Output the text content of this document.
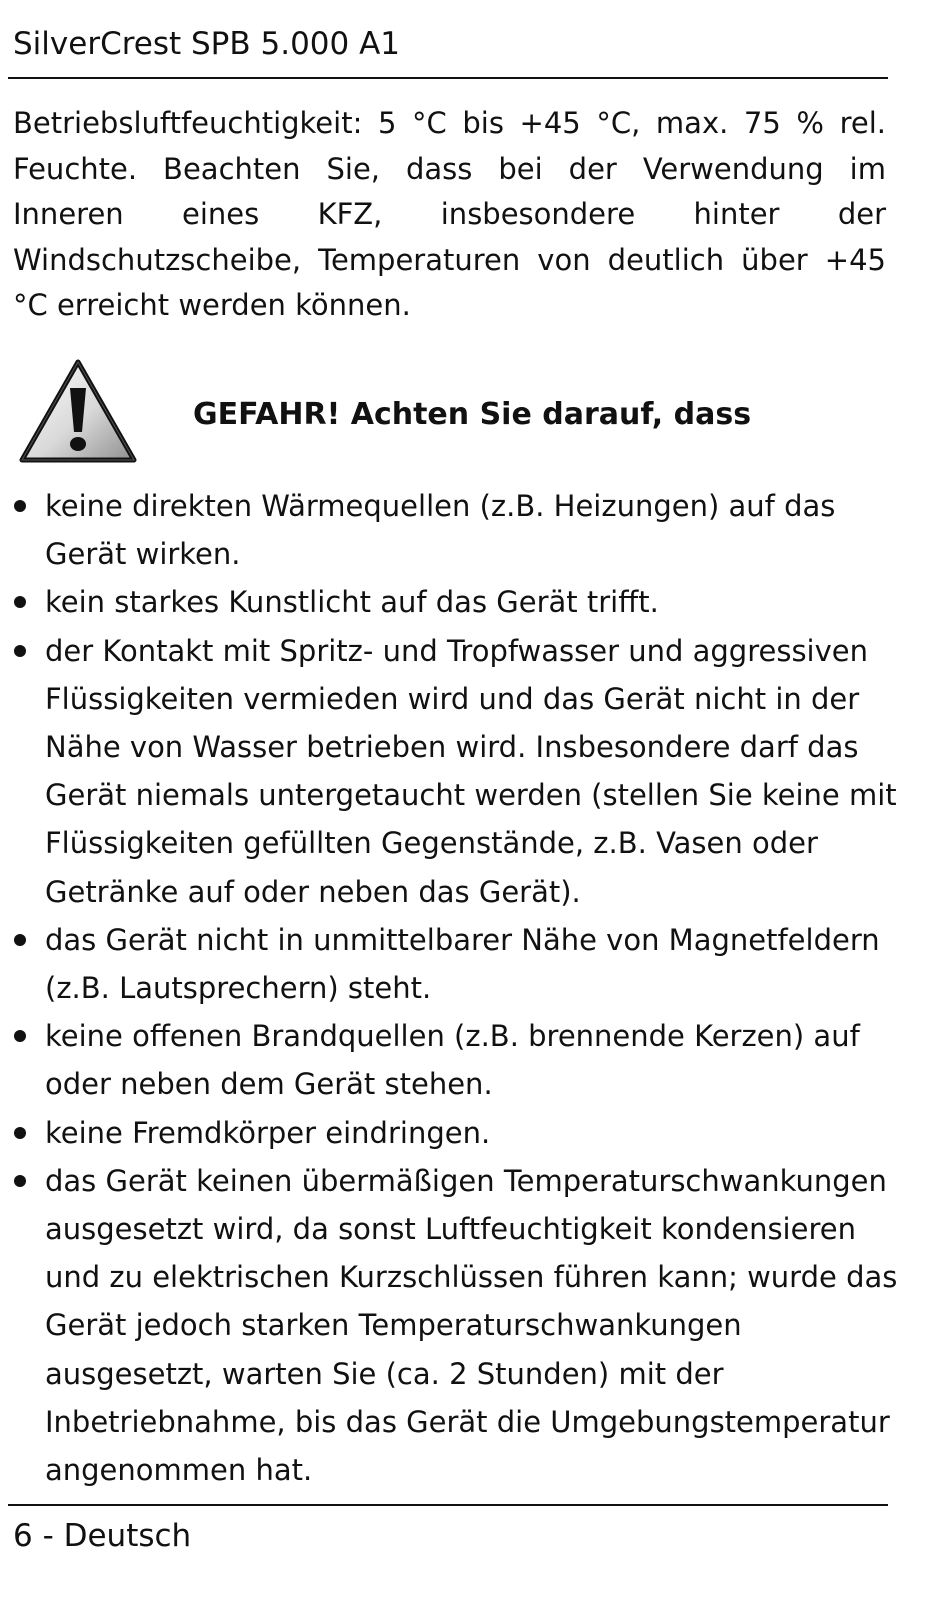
SilverCrest SPB 5.000 A1

Betriebsluftfeuchtigkeit: 5 °C bis +45 °C, max. 75 % rel. Feuchte. Beachten Sie, dass bei der Verwendung im Inneren eines KFZ, insbesondere hinter der Windschutzscheibe, Temperaturen von deutlich über +45 °C erreicht werden können.

GEFAHR! Achten Sie darauf, dass
keine direkten Wärmequellen (z.B. Heizungen) auf das Gerät wirken.
kein starkes Kunstlicht auf das Gerät trifft.
der Kontakt mit Spritz- und Tropfwasser und aggressiven Flüssigkeiten vermieden wird und das Gerät nicht in der Nähe von Wasser betrieben wird. Insbesondere darf das Gerät niemals untergetaucht werden (stellen Sie keine mit Flüssigkeiten gefüllten Gegenstände, z.B. Vasen oder Getränke auf oder neben das Gerät).
das Gerät nicht in unmittelbarer Nähe von Magnetfeldern (z.B. Lautsprechern) steht.
keine offenen Brandquellen (z.B. brennende Kerzen) auf oder neben dem Gerät stehen.
keine Fremdkörper eindringen.
das Gerät keinen übermäßigen Temperaturschwankungen ausgesetzt wird, da sonst Luftfeuchtigkeit kondensieren und zu elektrischen Kurzschlüssen führen kann; wurde das Gerät jedoch starken Temperaturschwankungen ausgesetzt, warten Sie (ca. 2 Stunden) mit der Inbetriebnahme, bis das Gerät die Umgebungstemperatur angenommen hat.
6 - Deutsch
